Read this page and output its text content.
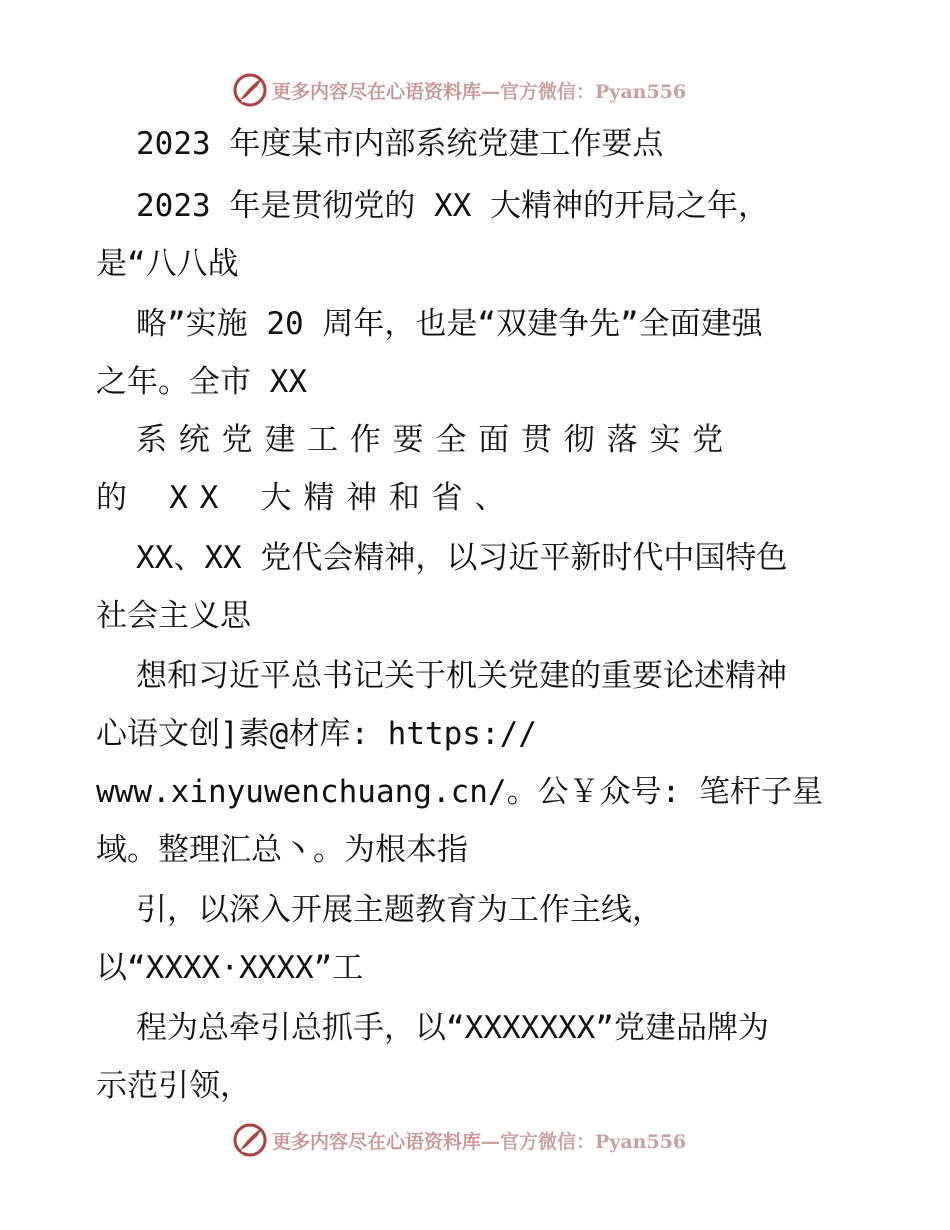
更多内容尽在心语资料库—官方微信：Pyan556
2023 年度某市内部系统党建工作要点
2023 年是贯彻党的 XX 大精神的开局之年，
是“八八战
略”实施 20 周年，也是“双建争先”全面建强
之年。全市 XX
系统党建工作要全面贯彻落实党
的 XX 大精神和省、
XX、XX 党代会精神，以习近平新时代中国特色
社会主义思
想和习近平总书记关于机关党建的重要论述精神
心语文创]素@材库: https://
www.xinyuwenchuang.cn/。公￥众号: 笔杆子星
域。整理汇总丶。为根本指
引，以深入开展主题教育为工作主线，
以“XXXX·XXXX”工
程为总牵引总抓手，以“XXXXXXX”党建品牌为
示范引领，
更多内容尽在心语资料库—官方微信：Pyan556
